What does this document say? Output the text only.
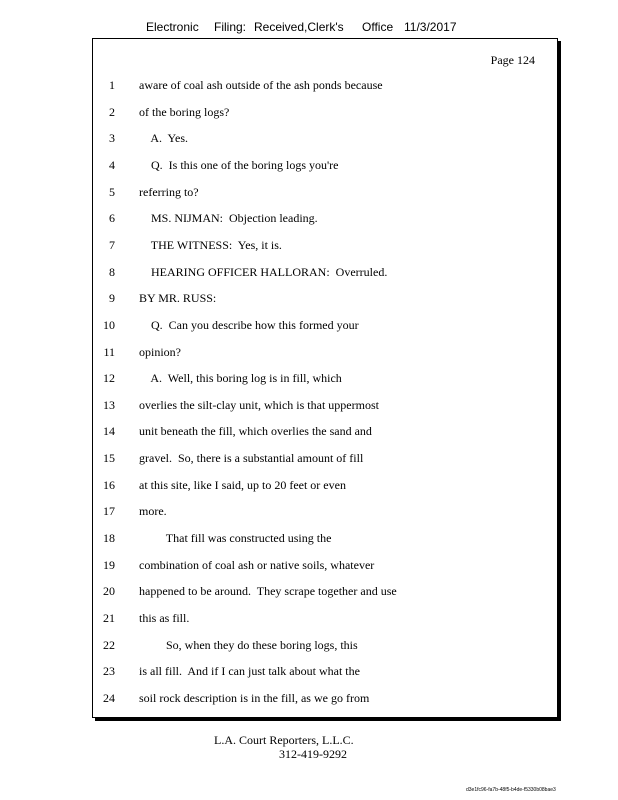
Electronic Filing: Received,Clerk's Office 11/3/2017
Page 124
1 aware of coal ash outside of the ash ponds because
2 of the boring logs?
3 A.  Yes.
4 Q.  Is this one of the boring logs you're
5 referring to?
6 MS. NIJMAN:  Objection leading.
7 THE WITNESS:  Yes, it is.
8 HEARING OFFICER HALLORAN:  Overruled.
9 BY MR. RUSS:
10 Q.  Can you describe how this formed your
11 opinion?
12 A.  Well, this boring log is in fill, which
13 overlies the silt-clay unit, which is that uppermost
14 unit beneath the fill, which overlies the sand and
15 gravel.  So, there is a substantial amount of fill
16 at this site, like I said, up to 20 feet or even
17 more.
18 That fill was constructed using the
19 combination of coal ash or native soils, whatever
20 happened to be around.  They scrape together and use
21 this as fill.
22 So, when they do these boring logs, this
23 is all fill.  And if I can just talk about what the
24 soil rock description is in the fill, as we go from
L.A. Court Reporters, L.L.C.
312-419-9292
d3e1fc96-fa7b-48f5-b4de-f5330b08bae3
